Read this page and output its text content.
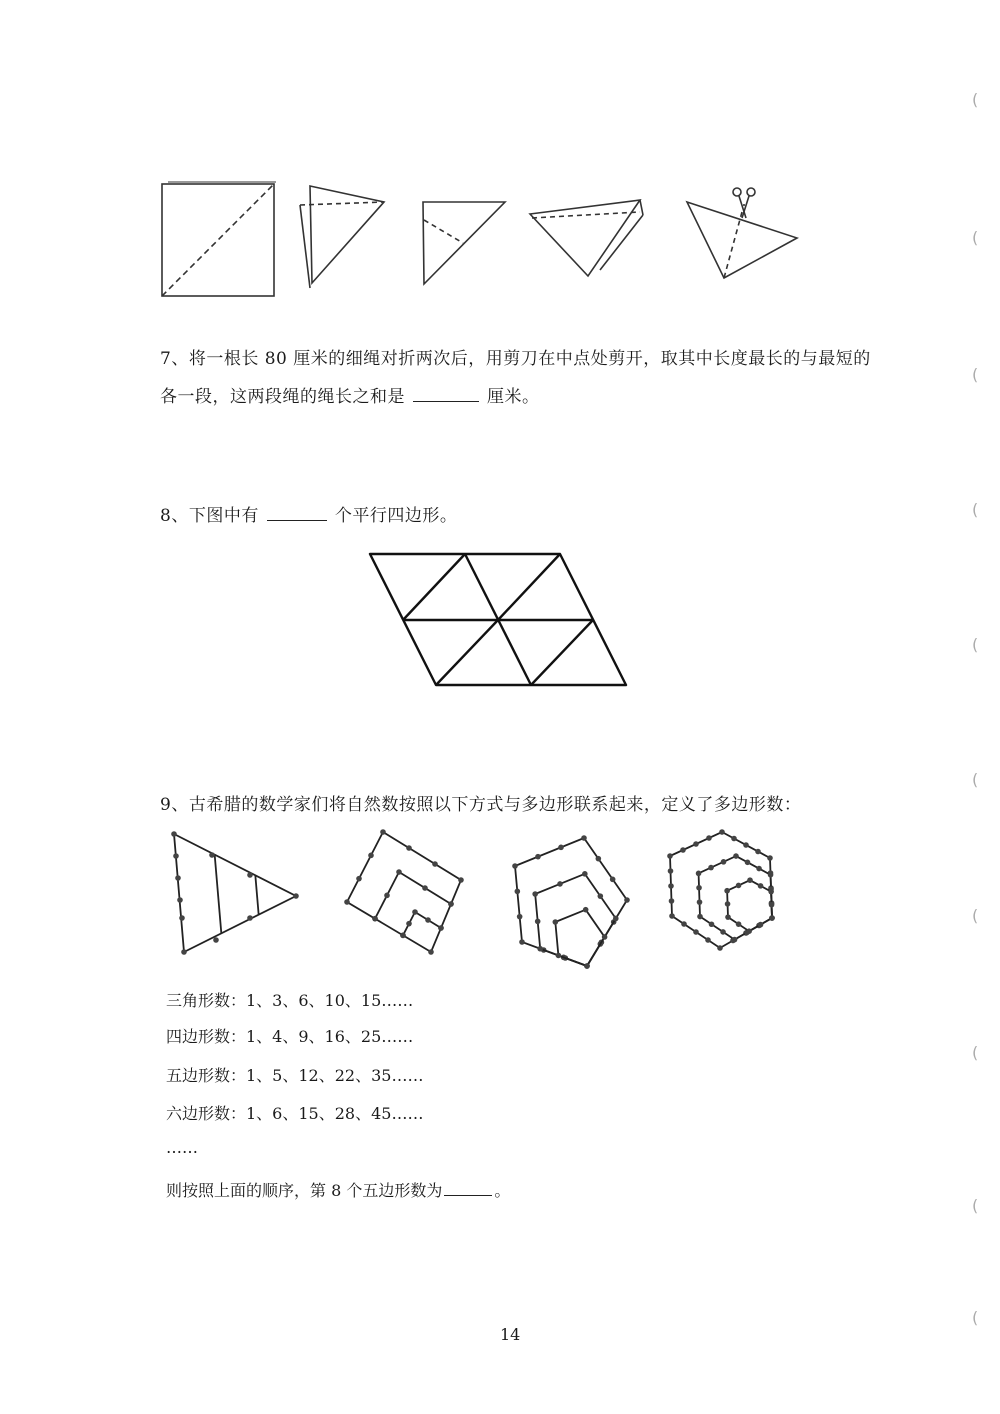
(
(
(
(
(
(
(
(
(
(
7、将一根长 80 厘米的细绳对折两次后，用剪刀在中点处剪开，取其中长度最长的与最短的
各一段，这两段绳的绳长之和是	厘米。
8、下图中有	个平行四边形。
9、古希腊的数学家们将自然数按照以下方式与多边形联系起来，定义了多边形数：
三角形数：1、3、6、10、15……
四边形数：1、4、9、16、25……
五边形数：1、5、12、22、35……
六边形数：1、6、15、28、45……
……
则按照上面的顺序，第 8 个五边形数为	。
14
